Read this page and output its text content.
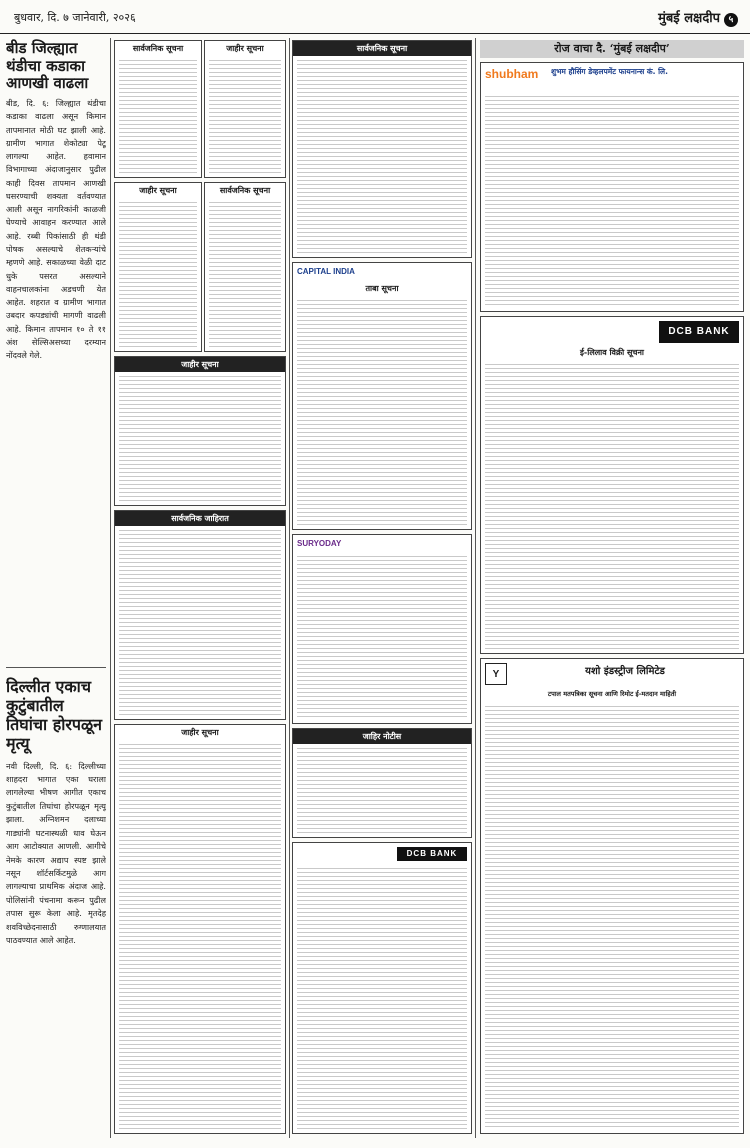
बुधवार, दि. ७ जानेवारी, २०२६	मुंबई लक्षदीप ५
बीड जिल्ह्यात थंडीचा कडाका आणखी वाढला
बीड, दि. ६: जिल्ह्यात थंडीचा कडाका वाढला असून किमान तापमानात मोठी घट झाली आहे. ग्रामीण भागात शेकोट्या पेटू लागल्या आहेत. हवामान विभागाच्या अंदाजानुसार पुढील काही दिवस तापमान आणखी घसरण्याची शक्यता वर्तवण्यात आली असून नागरिकांनी काळजी घेण्याचे आवाहन करण्यात आले आहे. रब्बी पिकांसाठी ही थंडी पोषक असल्याचे शेतकऱ्यांचे म्हणणे आहे. सकाळच्या वेळी दाट धुके पसरत असल्याने वाहनचालकांना अडचणी येत आहेत. शहरात व ग्रामीण भागात उबदार कपड्यांची मागणी वाढली आहे. किमान तापमान १० ते ११ अंश सेल्सिअसच्या दरम्यान नोंदवले गेले.
दिल्लीत एकाच कुटुंबातील तिघांचा होरपळून मृत्यू
नवी दिल्ली, दि. ६: दिल्लीच्या शाहदरा भागात एका घराला लागलेल्या भीषण आगीत एकाच कुटुंबातील तिघांचा होरपळून मृत्यू झाला. अग्निशमन दलाच्या गाड्यांनी घटनास्थळी धाव घेऊन आग आटोक्यात आणली. आगीचे नेमके कारण अद्याप स्पष्ट झाले नसून शॉर्टसर्किटमुळे आग लागल्याचा प्राथमिक अंदाज आहे. पोलिसांनी पंचनामा करून पुढील तपास सुरू केला आहे. मृतदेह शवविच्छेदनासाठी रुग्णालयात पाठवण्यात आले आहेत.
सार्वजनिक सूचना	जाहीर सूचना
जाहीर सूचना	सार्वजनिक सूचना
जाहीर सूचना
सार्वजनिक जाहिरात
जाहीर सूचना
सार्वजनिक सूचना
CAPITAL INDIA
ताबा सूचना
SURYODAY
जाहिर नोटीस
DCB BANK
रोज वाचा दै. ‘मुंबई लक्षदीप’
shubham शुभम हौसिंग डेव्हलपमेंट फायनान्स कं. लि.
DCB BANK
ई-लिलाव विक्री सूचना
Y	यशो इंडस्ट्रीज लिमिटेड
टपाल मतपत्रिका सूचना आणि रिमोट ई-मतदान माहिती
